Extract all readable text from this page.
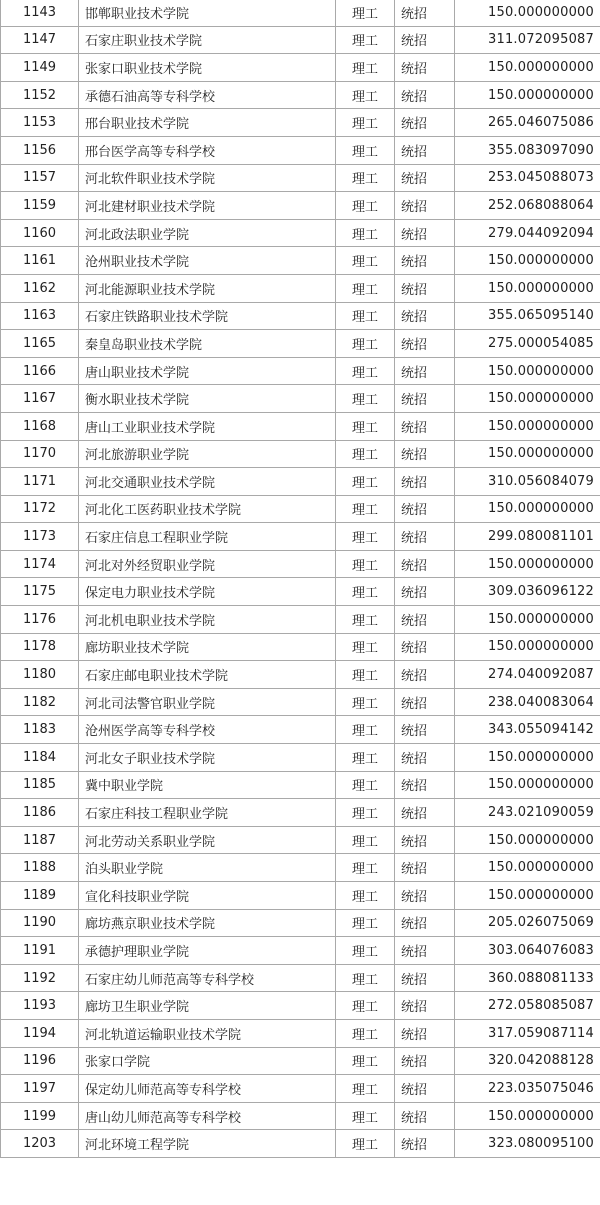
1143	邯郸职业技术学院	理工	统招	150.000000000
1147	石家庄职业技术学院	理工	统招	311.072095087
1149	张家口职业技术学院	理工	统招	150.000000000
1152	承德石油高等专科学校	理工	统招	150.000000000
1153	邢台职业技术学院	理工	统招	265.046075086
1156	邢台医学高等专科学校	理工	统招	355.083097090
1157	河北软件职业技术学院	理工	统招	253.045088073
1159	河北建材职业技术学院	理工	统招	252.068088064
1160	河北政法职业学院	理工	统招	279.044092094
1161	沧州职业技术学院	理工	统招	150.000000000
1162	河北能源职业技术学院	理工	统招	150.000000000
1163	石家庄铁路职业技术学院	理工	统招	355.065095140
1165	秦皇岛职业技术学院	理工	统招	275.000054085
1166	唐山职业技术学院	理工	统招	150.000000000
1167	衡水职业技术学院	理工	统招	150.000000000
1168	唐山工业职业技术学院	理工	统招	150.000000000
1170	河北旅游职业学院	理工	统招	150.000000000
1171	河北交通职业技术学院	理工	统招	310.056084079
1172	河北化工医药职业技术学院	理工	统招	150.000000000
1173	石家庄信息工程职业学院	理工	统招	299.080081101
1174	河北对外经贸职业学院	理工	统招	150.000000000
1175	保定电力职业技术学院	理工	统招	309.036096122
1176	河北机电职业技术学院	理工	统招	150.000000000
1178	廊坊职业技术学院	理工	统招	150.000000000
1180	石家庄邮电职业技术学院	理工	统招	274.040092087
1182	河北司法警官职业学院	理工	统招	238.040083064
1183	沧州医学高等专科学校	理工	统招	343.055094142
1184	河北女子职业技术学院	理工	统招	150.000000000
1185	冀中职业学院	理工	统招	150.000000000
1186	石家庄科技工程职业学院	理工	统招	243.021090059
1187	河北劳动关系职业学院	理工	统招	150.000000000
1188	泊头职业学院	理工	统招	150.000000000
1189	宣化科技职业学院	理工	统招	150.000000000
1190	廊坊燕京职业技术学院	理工	统招	205.026075069
1191	承德护理职业学院	理工	统招	303.064076083
1192	石家庄幼儿师范高等专科学校	理工	统招	360.088081133
1193	廊坊卫生职业学院	理工	统招	272.058085087
1194	河北轨道运输职业技术学院	理工	统招	317.059087114
1196	张家口学院	理工	统招	320.042088128
1197	保定幼儿师范高等专科学校	理工	统招	223.035075046
1199	唐山幼儿师范高等专科学校	理工	统招	150.000000000
1203	河北环境工程学院	理工	统招	323.080095100
